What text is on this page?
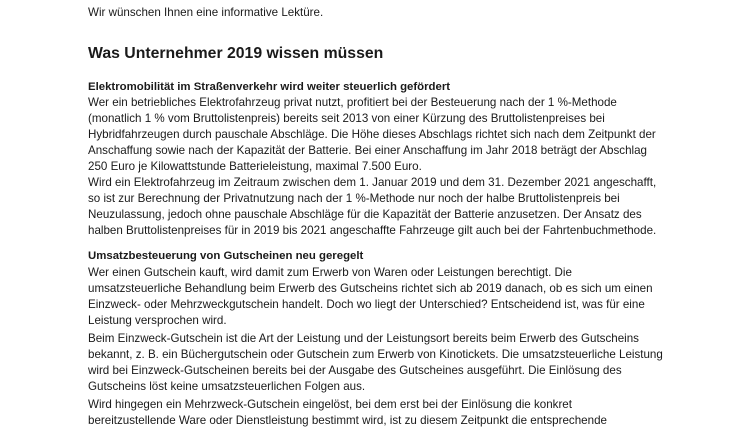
Wir wünschen Ihnen eine informative Lektüre.

Was Unternehmer 2019 wissen müssen
Elektromobilität im Straßenverkehr wird weiter steuerlich gefördert

Wer ein betriebliches Elektrofahrzeug privat nutzt, profitiert bei der Besteuerung nach der 1 %-Methode
(monatlich 1 % vom Bruttolistenpreis) bereits seit 2013 von einer Kürzung des Bruttolistenpreises bei
Hybridfahrzeugen durch pauschale Abschläge. Die Höhe dieses Abschlags richtet sich nach dem Zeitpunkt der
Anschaffung sowie nach der Kapazität der Batterie. Bei einer Anschaffung im Jahr 2018 beträgt der Abschlag
250 Euro je Kilowattstunde Batterieleistung, maximal 7.500 Euro.

Wird ein Elektrofahrzeug im Zeitraum zwischen dem 1. Januar 2019 und dem 31. Dezember 2021 angeschafft,
so ist zur Berechnung der Privatnutzung nach der 1 %-Methode nur noch der halbe Bruttolistenpreis bei
Neuzulassung, jedoch ohne pauschale Abschläge für die Kapazität der Batterie anzusetzen. Der Ansatz des
halben Bruttolistenpreises für in 2019 bis 2021 angeschaffte Fahrzeuge gilt auch bei der Fahrtenbuchmethode.

Umsatzbesteuerung von Gutscheinen neu geregelt

Wer einen Gutschein kauft, wird damit zum Erwerb von Waren oder Leistungen berechtigt. Die
umsatzsteuerliche Behandlung beim Erwerb des Gutscheins richtet sich ab 2019 danach, ob es sich um einen
Einzweck- oder Mehrzweckgutschein handelt. Doch wo liegt der Unterschied? Entscheidend ist, was für eine
Leistung versprochen wird.

Beim Einzweck-Gutschein ist die Art der Leistung und der Leistungsort bereits beim Erwerb des Gutscheins
bekannt, z. B. ein Büchergutschein oder Gutschein zum Erwerb von Kinotickets. Die umsatzsteuerliche Leistung
wird bei Einzweck-Gutscheinen bereits bei der Ausgabe des Gutscheines ausgeführt. Die Einlösung des
Gutscheins löst keine umsatzsteuerlichen Folgen aus.

Wird hingegen ein Mehrzweck-Gutschein eingelöst, bei dem erst bei der Einlösung die konkret
bereitzustellende Ware oder Dienstleistung bestimmt wird, ist zu diesem Zeitpunkt die entsprechende
